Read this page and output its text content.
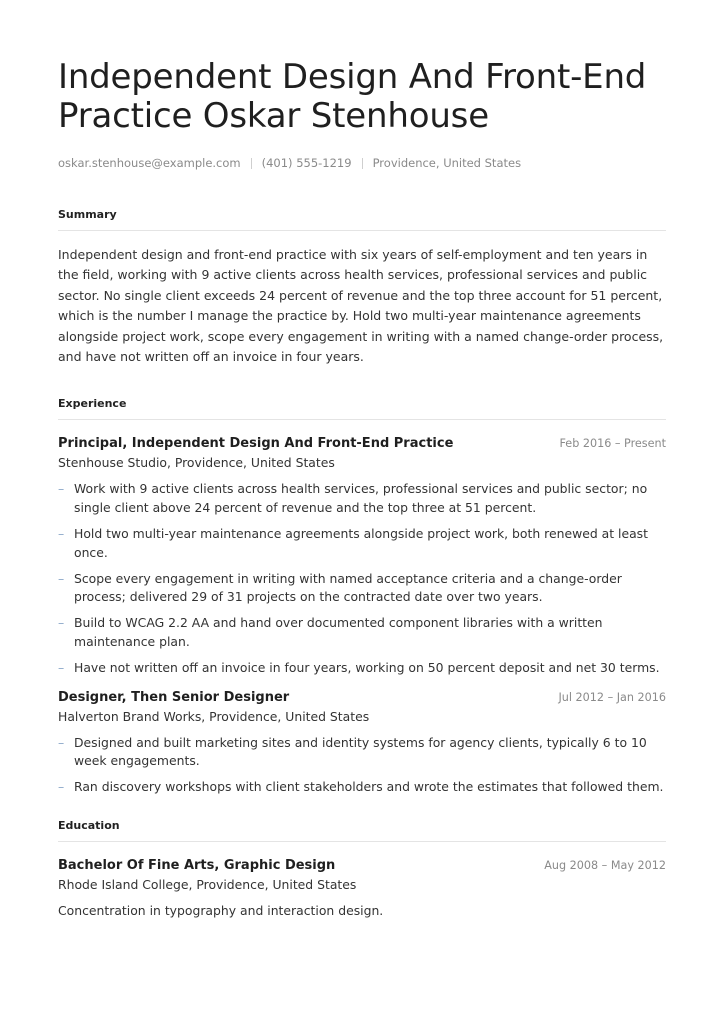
Independent Design And Front-End Practice Oskar Stenhouse
oskar.stenhouse@example.com (401) 555-1219 Providence, United States
Summary

Independent design and front-end practice with six years of self-employment and ten years in the field, working with 9 active clients across health services, professional services and public sector. No single client exceeds 24 percent of revenue and the top three account for 51 percent, which is the number I manage the practice by. Hold two multi-year maintenance agreements alongside project work, scope every engagement in writing with a named change-order process, and have not written off an invoice in four years.

Experience
Principal, Independent Design And Front-End Practice	Feb 2016 – Present
Stenhouse Studio, Providence, United States
– Work with 9 active clients across health services, professional services and public sector; no single client above 24 percent of revenue and the top three at 51 percent.
– Hold two multi-year maintenance agreements alongside project work, both renewed at least once.
– Scope every engagement in writing with named acceptance criteria and a change-order process; delivered 29 of 31 projects on the contracted date over two years.
– Build to WCAG 2.2 AA and hand over documented component libraries with a written maintenance plan.
– Have not written off an invoice in four years, working on 50 percent deposit and net 30 terms.
Designer, Then Senior Designer	Jul 2012 – Jan 2016
Halverton Brand Works, Providence, United States
– Designed and built marketing sites and identity systems for agency clients, typically 6 to 10 week engagements.
– Ran discovery workshops with client stakeholders and wrote the estimates that followed them.
Education
Bachelor Of Fine Arts, Graphic Design	Aug 2008 – May 2012
Rhode Island College, Providence, United States
Concentration in typography and interaction design.
